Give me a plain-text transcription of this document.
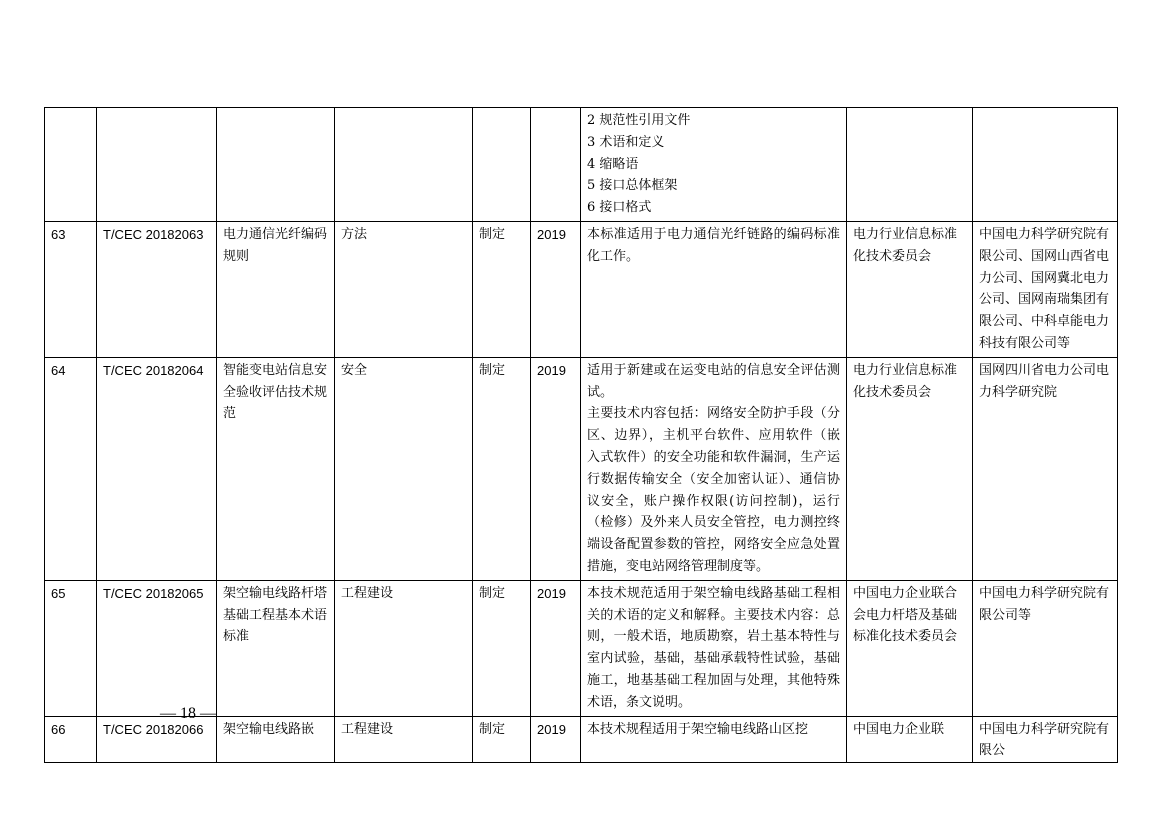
						2 规范性引用文件
3 术语和定义
4 缩略语
5 接口总体框架
6 接口格式		

63	T/CEC 20182063	电力通信光纤编码规则	方法	制定	2019	本标准适用于电力通信光纤链路的编码标准化工作。	电力行业信息标准化技术委员会	中国电力科学研究院有限公司、国网山西省电力公司、国网冀北电力公司、国网南瑞集团有限公司、中科卓能电力科技有限公司等
64	T/CEC 20182064	智能变电站信息安全验收评估技术规范	安全	制定	2019	适用于新建或在运变电站的信息安全评估测试。
主要技术内容包括：网络安全防护手段（分区、边界），主机平台软件、应用软件（嵌入式软件）的安全功能和软件漏洞，生产运行数据传输安全（安全加密认证）、通信协议安全，账户操作权限(访问控制)，运行（检修）及外来人员安全管控，电力测控终端设备配置参数的管控，网络安全应急处置措施，变电站网络管理制度等。	电力行业信息标准化技术委员会	国网四川省电力公司电力科学研究院
65	T/CEC 20182065	架空输电线路杆塔基础工程基本术语标准	工程建设	制定	2019	本技术规范适用于架空输电线路基础工程相关的术语的定义和解释。主要技术内容：总则，一般术语，地质勘察，岩土基本特性与室内试验，基础，基础承载特性试验，基础施工，地基基础工程加固与处理，其他特殊术语，条文说明。	中国电力企业联合会电力杆塔及基础标准化技术委员会	中国电力科学研究院有限公司等
66	T/CEC 20182066	架空输电线路嵌	工程建设	制定	2019	本技术规程适用于架空输电线路山区挖	中国电力企业联	中国电力科学研究院有限公
— 18 —
